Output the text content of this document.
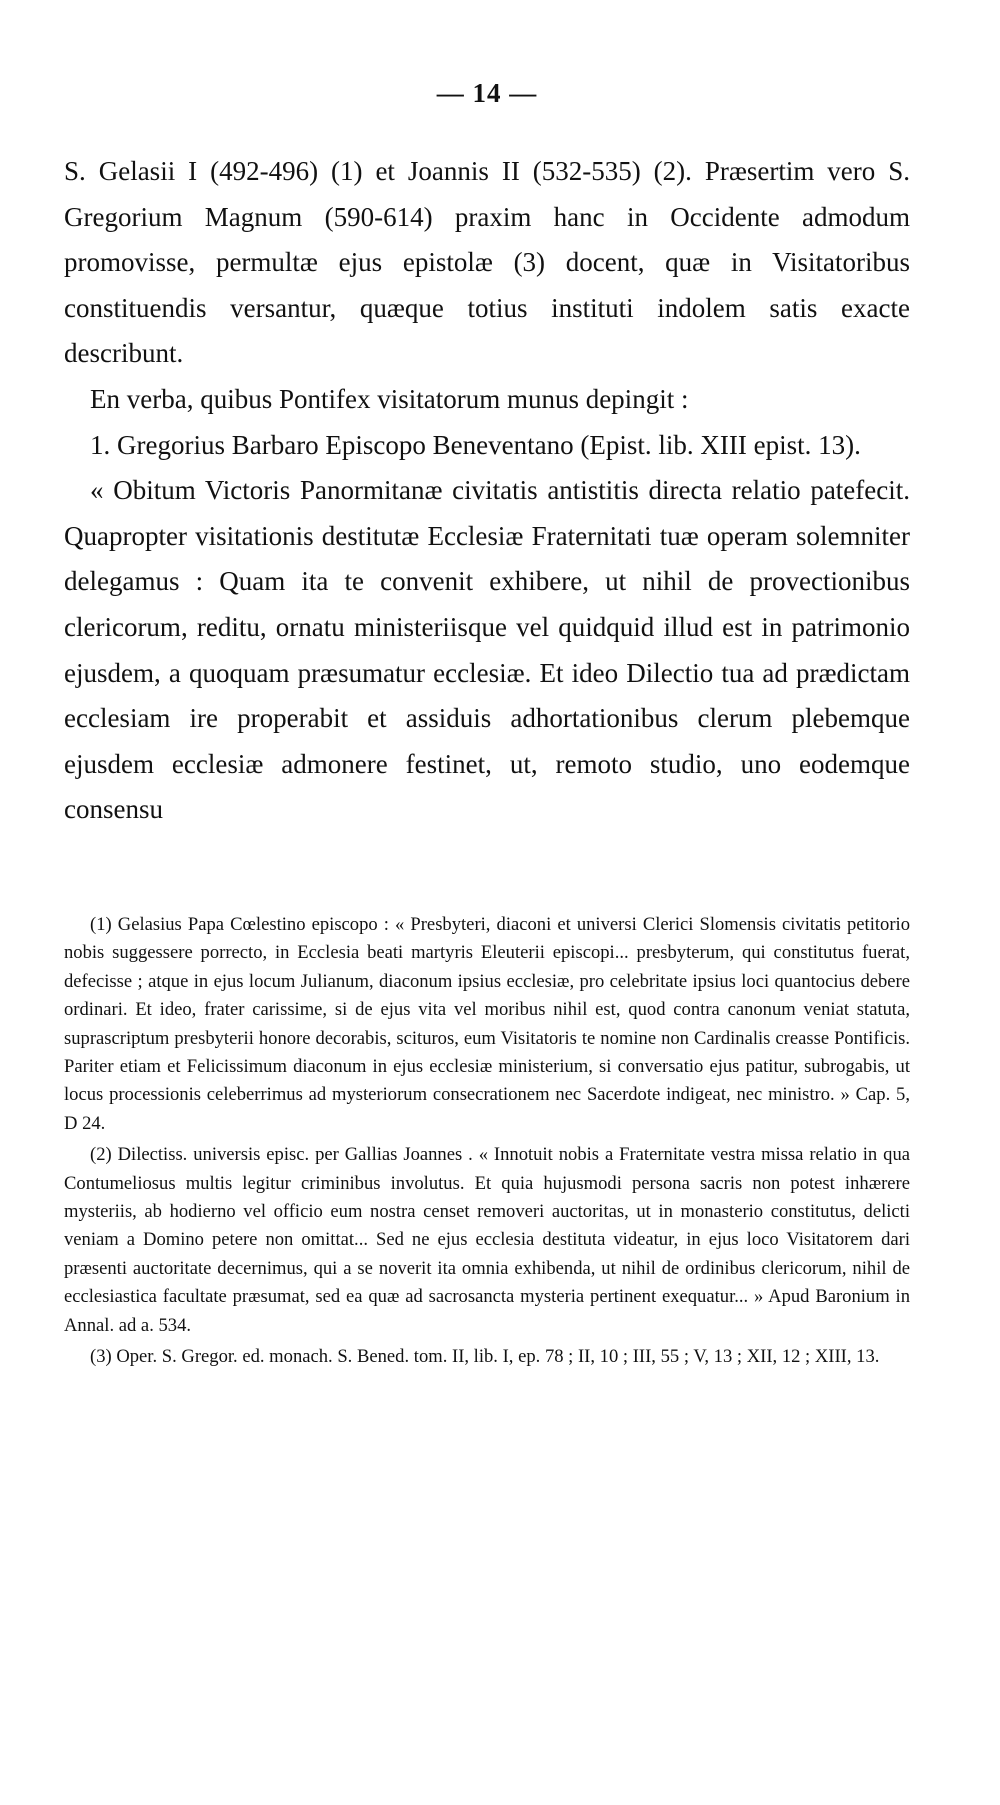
— 14 —

S. Gelasii I (492-496) (1) et Joannis II (532-535) (2). Præsertim vero S. Gregorium Magnum (590-614) praxim hanc in Occidente admodum promovisse, permultæ ejus epistolæ (3) docent, quæ in Visitatoribus constituendis versantur, quæque totius instituti indolem satis exacte describunt.

En verba, quibus Pontifex visitatorum munus depingit :

1. Gregorius Barbaro Episcopo Beneventano (Epist. lib. XIII epist. 13).

« Obitum Victoris Panormitanæ civitatis antistitis directa relatio patefecit. Quapropter visitationis destitutæ Ecclesiæ Fraternitati tuæ operam solemniter delegamus : Quam ita te convenit exhibere, ut nihil de provectionibus clericorum, reditu, ornatu ministeriisque vel quidquid illud est in patrimonio ejusdem, a quoquam præsumatur ecclesiæ. Et ideo Dilectio tua ad prædictam ecclesiam ire properabit et assiduis adhortationibus clerum plebemque ejusdem ecclesiæ admonere festinet, ut, remoto studio, uno eodemque consensu

(1) Gelasius Papa Cœlestino episcopo : « Presbyteri, diaconi et universi Clerici Slomensis civitatis petitorio nobis suggessere porrecto, in Ecclesia beati martyris Eleuterii episcopi... presbyterum, qui constitutus fuerat, defecisse ; atque in ejus locum Julianum, diaconum ipsius ecclesiæ, pro celebritate ipsius loci quantocius debere ordinari. Et ideo, frater carissime, si de ejus vita vel moribus nihil est, quod contra canonum veniat statuta, suprascriptum presbyterii honore decorabis, scituros, eum Visitatoris te nomine non Cardinalis creasse Pontificis. Pariter etiam et Felicissimum diaconum in ejus ecclesiæ ministerium, si conversatio ejus patitur, subrogabis, ut locus processionis celeberrimus ad mysteriorum consecrationem nec Sacerdote indigeat, nec ministro. » Cap. 5, D 24.

(2) Dilectiss. universis episc. per Gallias Joannes . « Innotuit nobis a Fraternitate vestra missa relatio in qua Contumeliosus multis legitur criminibus involutus. Et quia hujusmodi persona sacris non potest inhærere mysteriis, ab hodierno vel officio eum nostra censet removeri auctoritas, ut in monasterio constitutus, delicti veniam a Domino petere non omittat... Sed ne ejus ecclesia destituta videatur, in ejus loco Visitatorem dari præsenti auctoritate decernimus, qui a se noverit ita omnia exhibenda, ut nihil de ordinibus clericorum, nihil de ecclesiastica facultate præsumat, sed ea quæ ad sacrosancta mysteria pertinent exequatur... » Apud Baronium in Annal. ad a. 534.

(3) Oper. S. Gregor. ed. monach. S. Bened. tom. II, lib. I, ep. 78 ; II, 10 ; III, 55 ; V, 13 ; XII, 12 ; XIII, 13.
